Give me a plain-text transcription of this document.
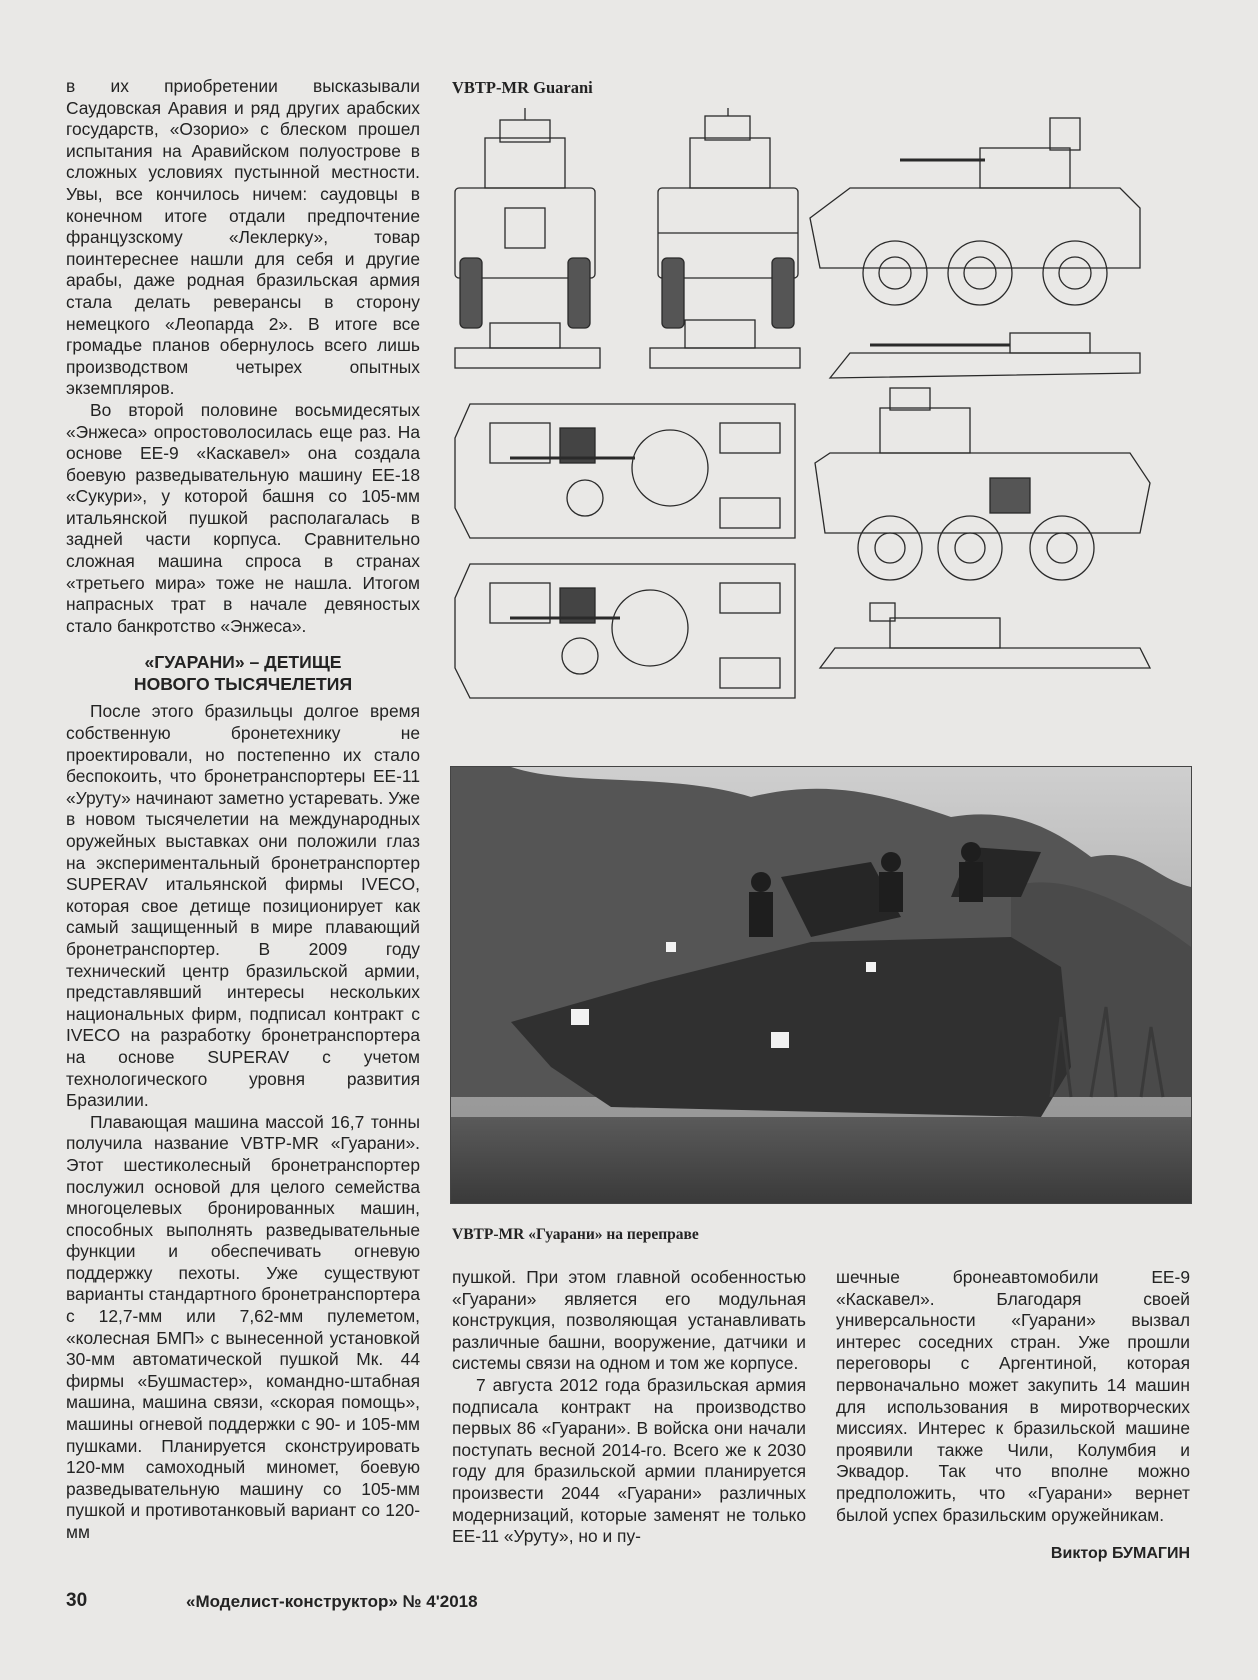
в их приобретении высказывали Саудовская Аравия и ряд других арабских государств, «Озорио» с блеском прошел испытания на Аравийском полуострове в сложных условиях пустынной местности. Увы, все кончилось ничем: саудовцы в конечном итоге отдали предпочтение французскому «Леклерку», товар поинтереснее нашли для себя и другие арабы, даже родная бразильская армия стала делать реверансы в сторону немецкого «Леопарда 2». В итоге все громадье планов обернулось всего лишь производством четырех опытных экземпляров.

Во второй половине восьмидесятых «Энжеса» опростоволосилась еще раз. На основе ЕЕ-9 «Каскавел» она создала боевую разведывательную машину ЕЕ-18 «Сукури», у которой башня со 105-мм итальянской пушкой располагалась в задней части корпуса. Сравнительно сложная машина спроса в странах «третьего мира» тоже не нашла. Итогом напрасных трат в начале девяностых стало банкротство «Энжеса».

«ГУАРАНИ» – ДЕТИЩЕ
НОВОГО ТЫСЯЧЕЛЕТИЯ

После этого бразильцы долгое время собственную бронетехнику не проектировали, но постепенно их стало беспокоить, что бронетранспортеры ЕЕ-11 «Уруту» начинают заметно устаревать. Уже в новом тысячелетии на международных оружейных выставках они положили глаз на экспериментальный бронетранспортер SUPERAV итальянской фирмы IVECO, которая свое детище позиционирует как самый защищенный в мире плавающий бронетранспортер. В 2009 году технический центр бразильской армии, представлявший интересы нескольких национальных фирм, подписал контракт с IVECO на разработку бронетранспортера на основе SUPERAV с учетом технологического уровня развития Бразилии.

Плавающая машина массой 16,7 тонны получила название VBTP-MR «Гуарани». Этот шестиколесный бронетранспортер послужил основой для целого семейства многоцелевых бронированных машин, способных выполнять разведывательные функции и обеспечивать огневую поддержку пехоты. Уже существуют варианты стандартного бронетранспортера с 12,7-мм или 7,62-мм пулеметом, «колесная БМП» с вынесенной установкой 30-мм автоматической пушкой Мк. 44 фирмы «Бушмастер», командно-штабная машина, машина связи, «скорая помощь», машины огневой поддержки с 90- и 105-мм пушками. Планируется сконструировать 120-мм самоходный миномет, боевую разведывательную машину со 105-мм пушкой и противотанковый вариант со 120-мм

VBTP-MR Guarani
VBTP-MR «Гуарани» на переправе

пушкой. При этом главной особенностью «Гуарани» является его модульная конструкция, позволяющая устанавливать различные башни, вооружение, датчики и системы связи на одном и том же корпусе.

7 августа 2012 года бразильская армия подписала контракт на производство первых 86 «Гуарани». В войска они начали поступать весной 2014-го. Всего же к 2030 году для бразильской армии планируется произвести 2044 «Гуарани» различных модернизаций, которые заменят не только ЕЕ-11 «Уруту», но и пу-

шечные бронеавтомобили ЕЕ-9 «Каскавел». Благодаря своей универсальности «Гуарани» вызвал интерес соседних стран. Уже прошли переговоры с Аргентиной, которая первоначально может закупить 14 машин для использования в миротворческих миссиях. Интерес к бразильской машине проявили также Чили, Колумбия и Эквадор. Так что вполне можно предположить, что «Гуарани» вернет былой успех бразильским оружейникам.

Виктор БУМАГИН
30	«Моделист-конструктор» № 4'2018
